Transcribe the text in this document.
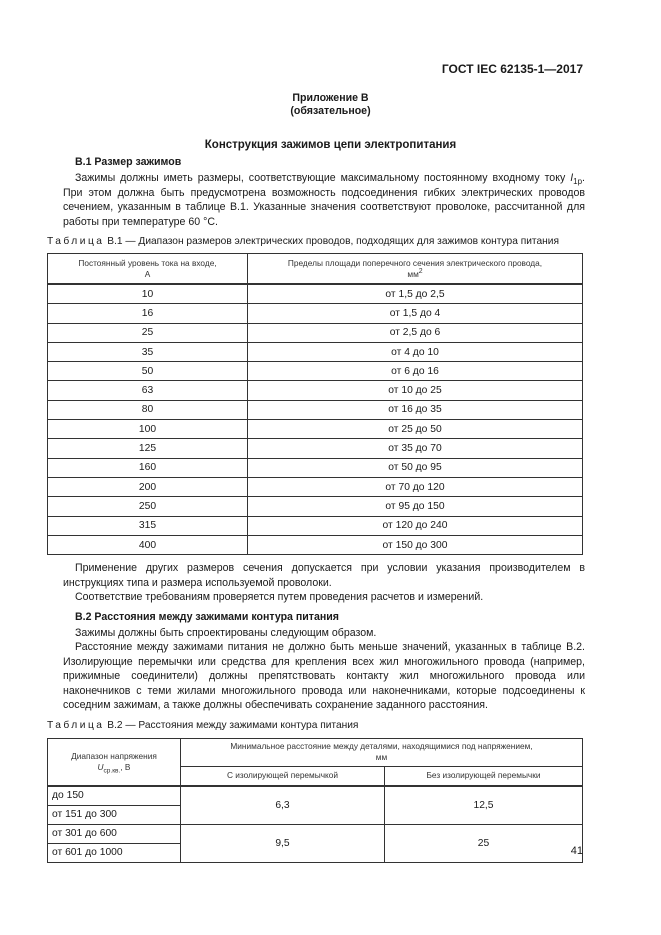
ГОСТ IEC 62135-1—2017
Приложение В
(обязательное)
Конструкция зажимов цепи электропитания
В.1 Размер зажимов

Зажимы должны иметь размеры, соответствующие максимальному постоянному входному току $I_{1р}$. При этом должна быть предусмотрена возможность подсоединения гибких электрических проводов сечением, указанным в таблице В.1. Указанные значения соответствуют проволоке, рассчитанной для работы при температуре 60 °С.

Таблица В.1 — Диапазон размеров электрических проводов, подходящих для зажимов контура питания
Постоянный уровень тока на входе,
А	Пределы площади поперечного сечения электрического провода,
$мм^2$
10	от 1,5 до 2,5
16	от 1,5 до 4
25	от 2,5 до 6
35	от 4 до 10
50	от 6 до 16
63	от 10 до 25
80	от 16 до 35
100	от 25 до 50
125	от 35 до 70
160	от 50 до 95
200	от 70 до 120
250	от 95 до 150
315	от 120 до 240
400	от 150 до 300

Применение других размеров сечения допускается при условии указания производителем в инструкциях типа и размера используемой проволоки.

Соответствие требованиям проверяется путем проведения расчетов и измерений.

В.2 Расстояния между зажимами контура питания

Зажимы должны быть спроектированы следующим образом.

Расстояние между зажимами питания не должно быть меньше значений, указанных в таблице В.2. Изолирующие перемычки или средства для крепления всех жил многожильного провода (например, прижимные соединители) должны препятствовать контакту жил многожильного провода или наконечников с теми жилами многожильного провода или наконечниками, которые подсоединены к соседним зажимам, а также должны обеспечивать сохранение заданного расстояния.

Таблица В.2 — Расстояния между зажимами контура питания
Диапазон напряжения
$U_{ср.кв.}$, В	Минимальное расстояние между деталями, находящимися под напряжением,
мм	
	С изолирующей перемычкой	Без изолирующей перемычки
до 150	6,3	12,5
от 151 до 300		
от 301 до 600	9,5	25
от 601 до 1000			41
